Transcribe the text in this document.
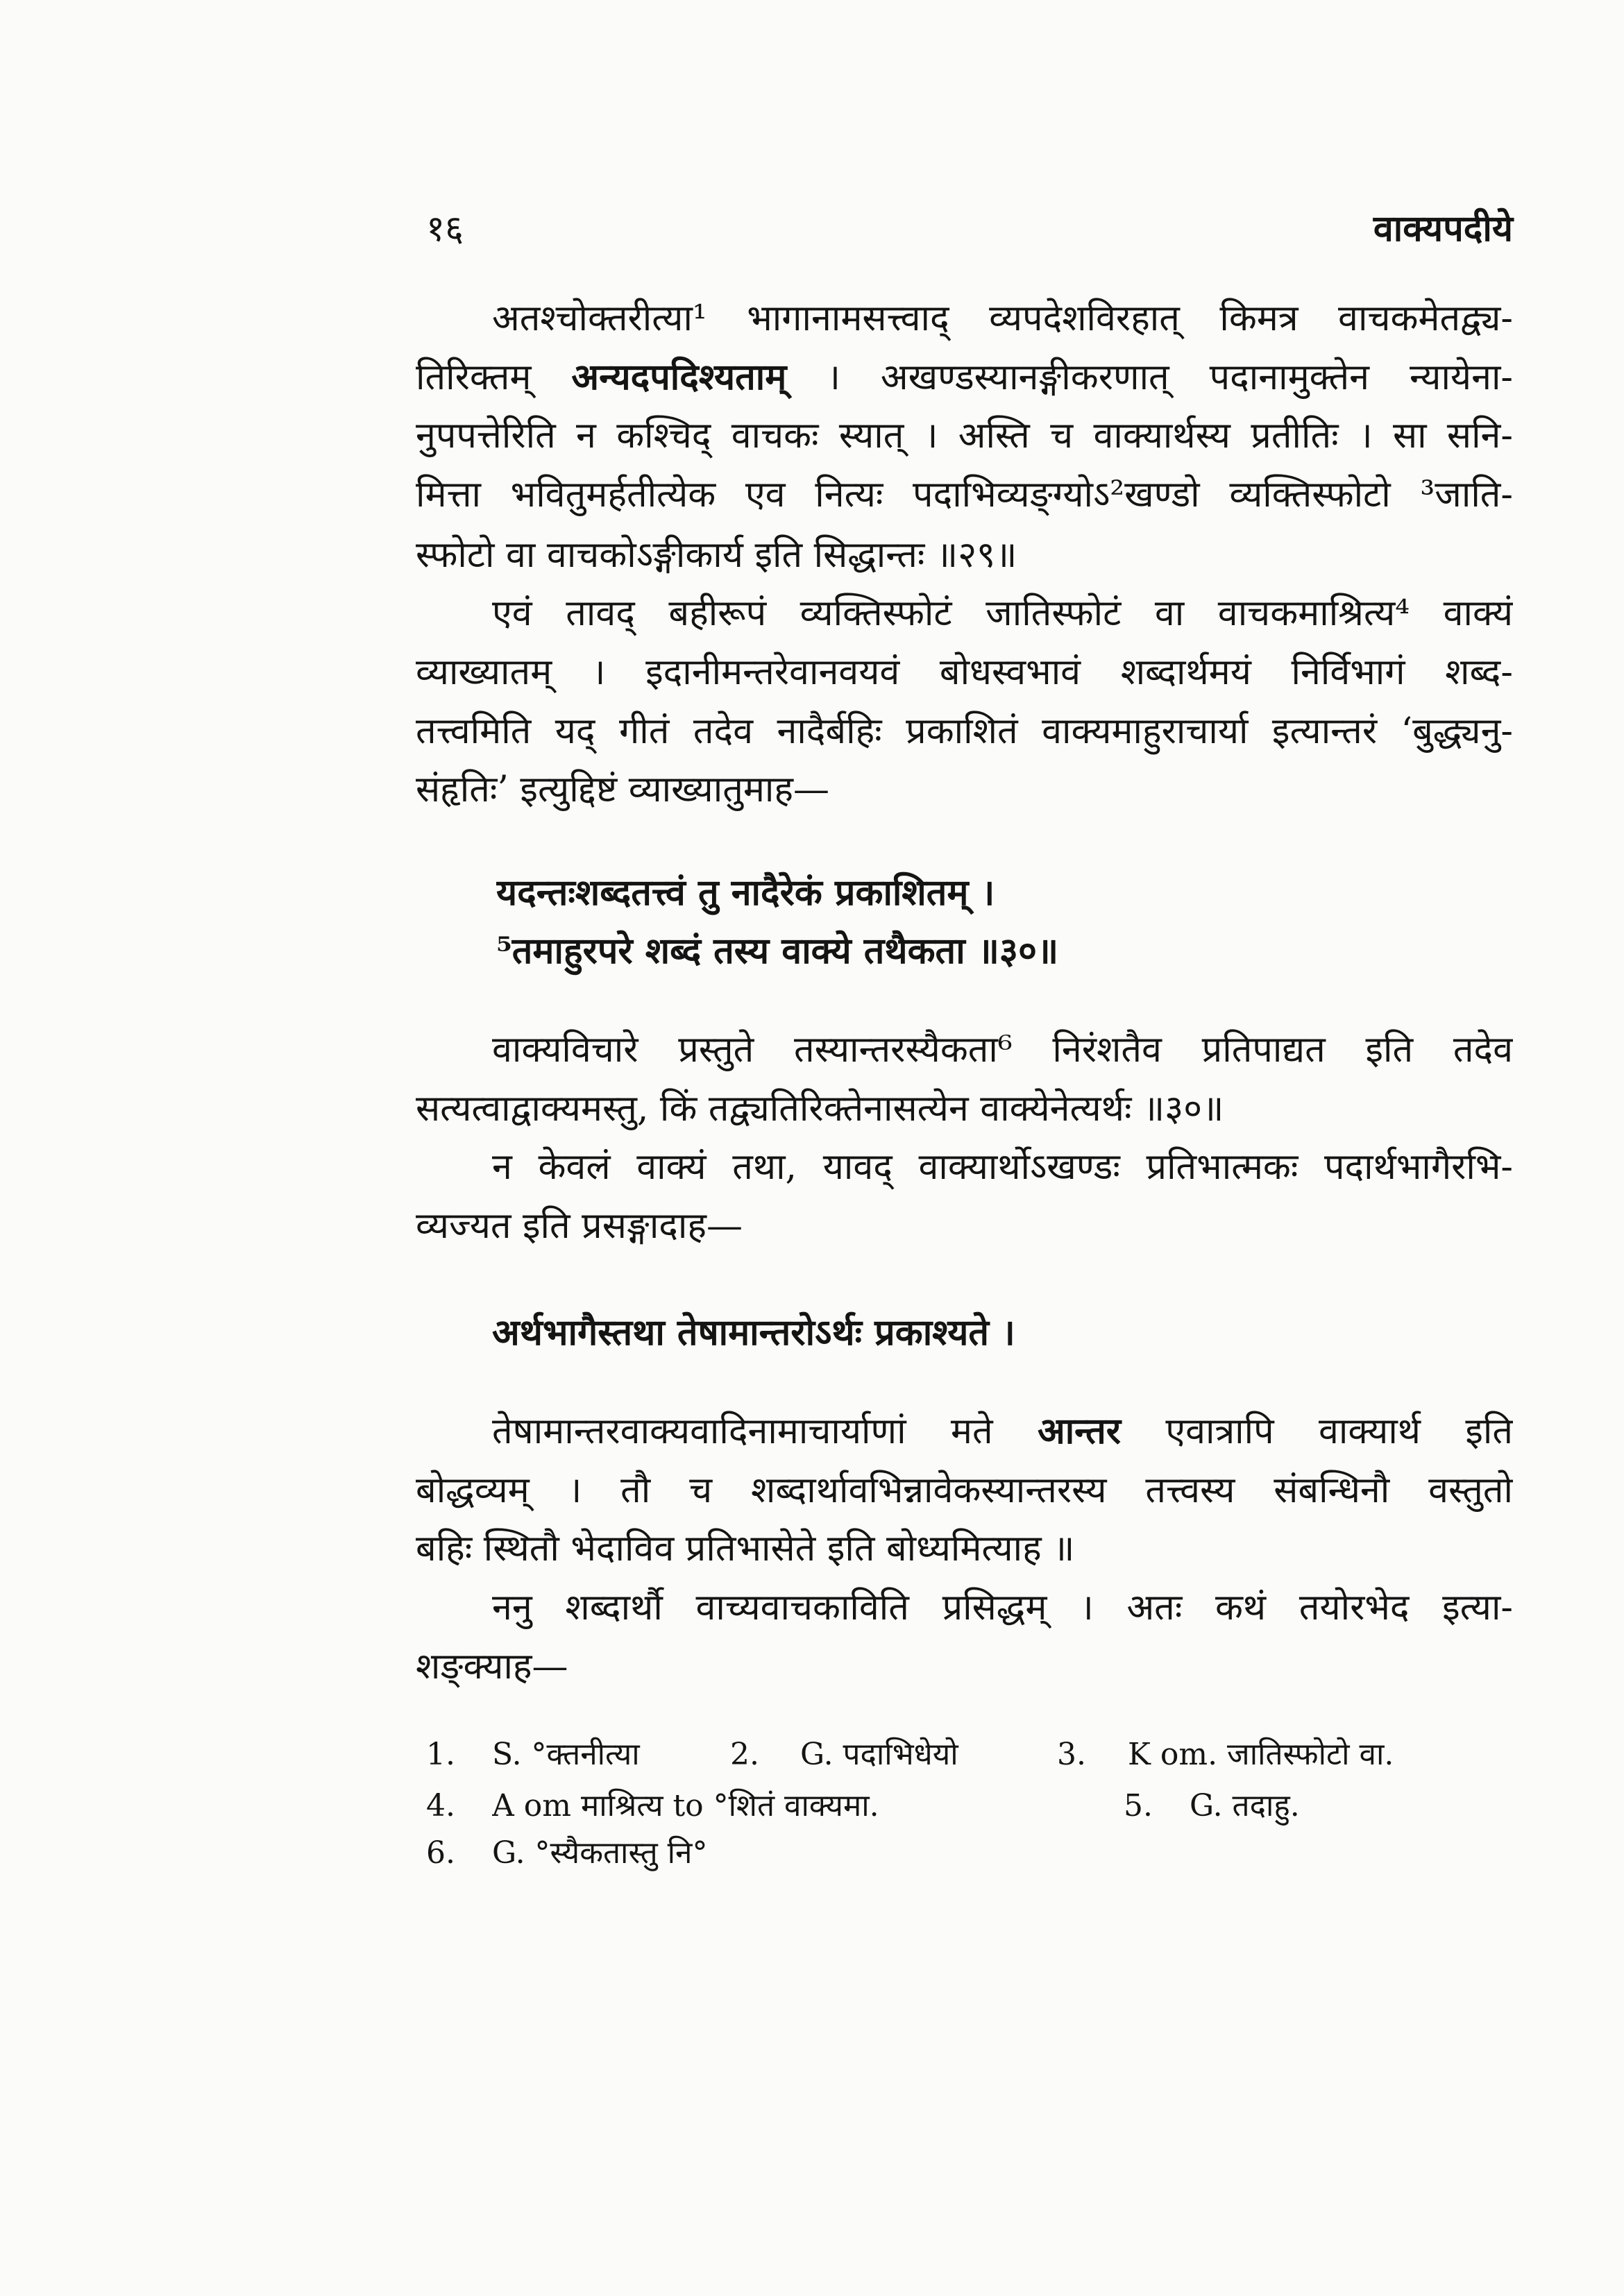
१६	वाक्यपदीये
अतश्चोक्तरीत्या¹ भागानामसत्त्वाद् व्यपदेशविरहात् किमत्र वाचकमेतद्व्य-
तिरिक्तम् अन्यदपदिश्यताम् । अखण्डस्यानङ्गीकरणात् पदानामुक्तेन न्यायेना-
नुपपत्तेरिति न कश्चिद् वाचकः स्यात् । अस्ति च वाक्यार्थस्य प्रतीतिः । सा सनि-
मित्ता भवितुमर्हतीत्येक एव नित्यः पदाभिव्यङ्ग्योऽ²खण्डो व्यक्तिस्फोटो ³जाति-
स्फोटो वा वाचकोऽङ्गीकार्य इति सिद्धान्तः ॥२९॥
एवं तावद् बहीरूपं व्यक्तिस्फोटं जातिस्फोटं वा वाचकमाश्रित्य⁴ वाक्यं
व्याख्यातम् । इदानीमन्तरेवानवयवं बोधस्वभावं शब्दार्थमयं निर्विभागं शब्द-
तत्त्वमिति यद् गीतं तदेव नादैर्बहिः प्रकाशितं वाक्यमाहुराचार्या इत्यान्तरं ‘बुद्ध्यनु-
संहृतिः’ इत्युद्दिष्टं व्याख्यातुमाह—
यदन्तःशब्दतत्त्वं तु नादैरेकं प्रकाशितम् ।
⁵तमाहुरपरे शब्दं तस्य वाक्ये तथैकता ॥३०॥
वाक्यविचारे प्रस्तुते तस्यान्तरस्यैकता⁶ निरंशतैव प्रतिपाद्यत इति तदेव
सत्यत्वाद्वाक्यमस्तु, किं तद्व्यतिरिक्तेनासत्येन वाक्येनेत्यर्थः ॥३०॥
न केवलं वाक्यं तथा, यावद् वाक्यार्थोऽखण्डः प्रतिभात्मकः पदार्थभागैरभि-
व्यज्यत इति प्रसङ्गादाह—
अर्थभागैस्तथा तेषामान्तरोऽर्थः प्रकाश्यते ।
तेषामान्तरवाक्यवादिनामाचार्याणां मते आन्तर एवात्रापि वाक्यार्थ इति
बोद्धव्यम् । तौ च शब्दार्थावभिन्नावेकस्यान्तरस्य तत्त्वस्य संबन्धिनौ वस्तुतो
बहिः स्थितौ भेदाविव प्रतिभासेते इति बोध्यमित्याह ॥
ननु शब्दार्थौ वाच्यवाचकाविति प्रसिद्धम् । अतः कथं तयोरभेद इत्या-
शङ्क्याह—
1.	S. °क्तनीत्या	2.	G. पदाभिधेयो	3.	K om. जातिस्फोटो वा.
4.	A om माश्रित्य to °शितं वाक्यमा.	5.	G. तदाहु.
6.	G. °स्यैकतास्तु नि°
